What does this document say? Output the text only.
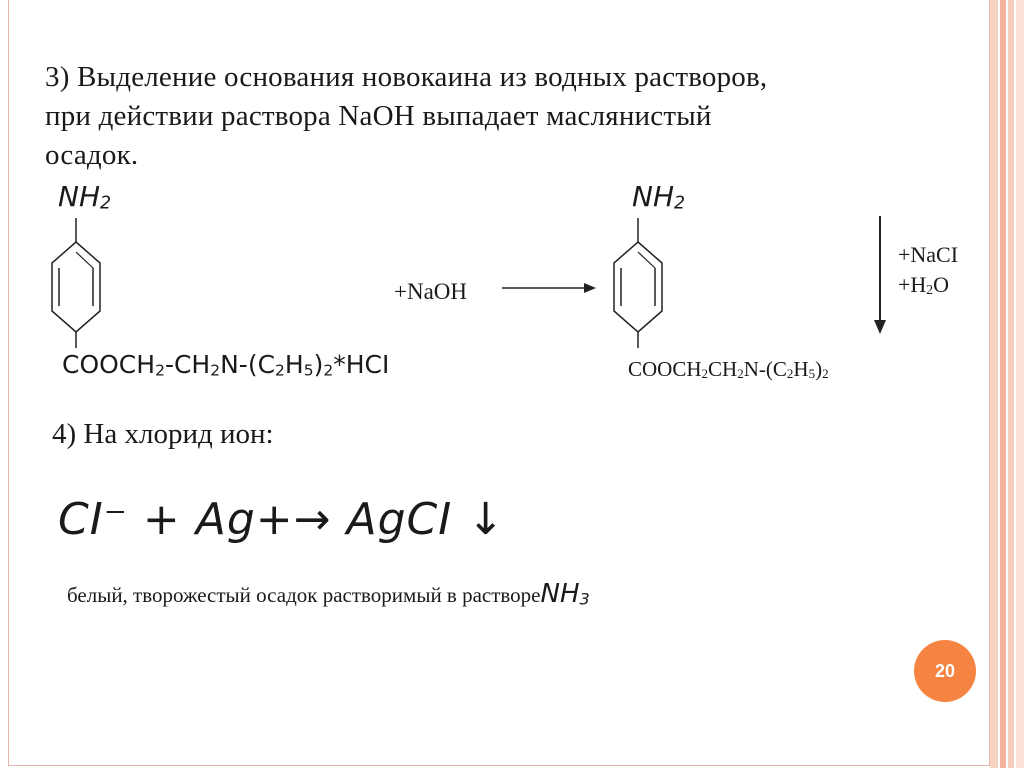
3) Выделение основания новокаина из водных растворов,
при действии раствора NaOH выпадает маслянистый
осадок.
NH2
COOCH2-CH2N-(C2H5)2*HCI
+NaOH
NH2
COOCH2CH2N-(C2H5)2
+NaCI
+H2O
4) На хлорид ион:
CI⁻ + Ag+→ AgCI ↓
белый, творожестый осадок растворимый в раствореNH3
20
